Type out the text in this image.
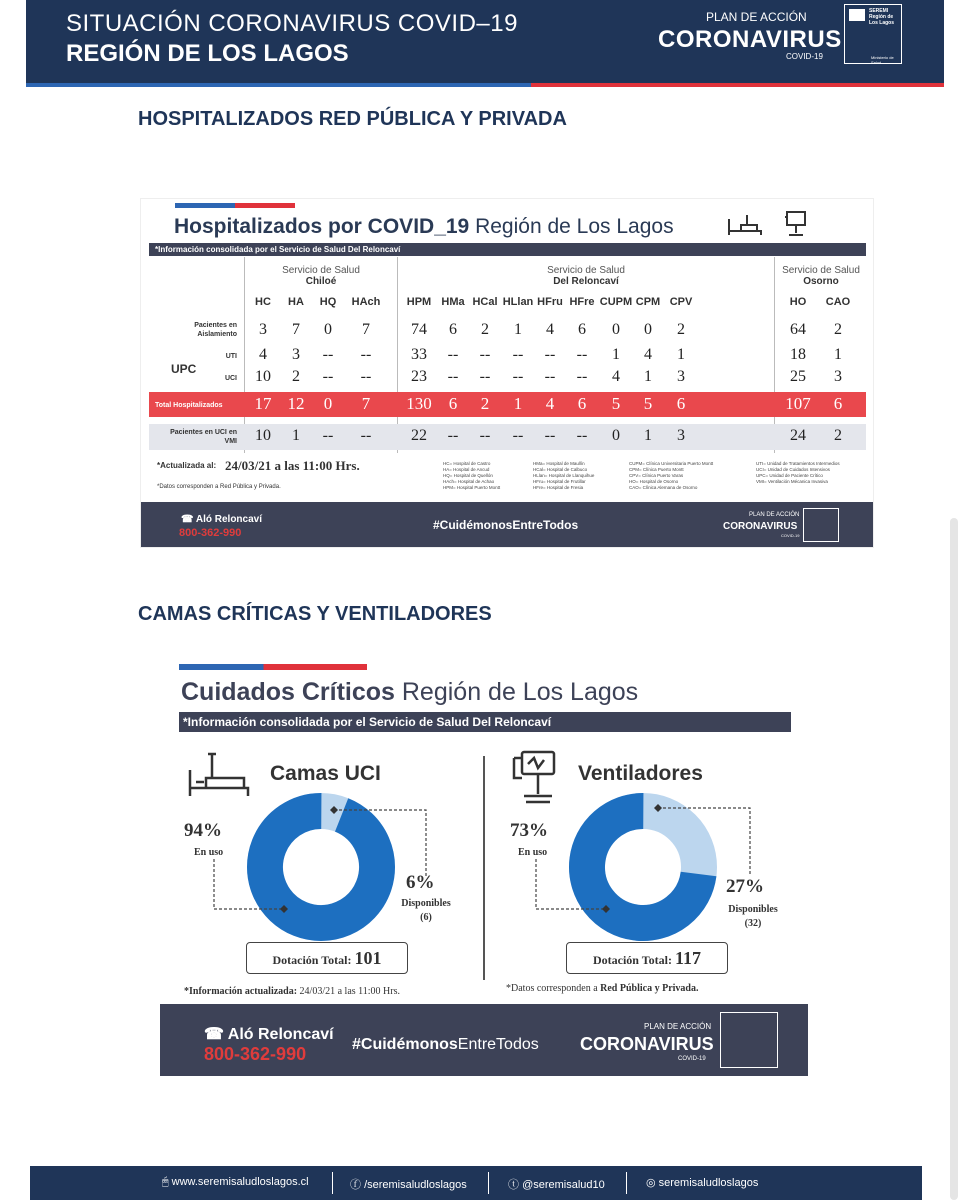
SITUACIÓN CORONAVIRUS COVID–19
REGIÓN DE LOS LAGOS
PLAN DE ACCIÓN
CORONAVIRUS
COVID-19
SEREMI Región de Los Lagos
Ministerio de Salud
HOSPITALIZADOS RED PÚBLICA Y PRIVADA
Hospitalizados por COVID_19 Región de Los Lagos
*Información consolidada por el Servicio de Salud Del Reloncaví
Servicio de Salud
Chiloé
Servicio de Salud
Del Reloncaví
Servicio de Salud
Osorno
HC	HA	HQ	HAch	HPM HMa HCal HLlan HFru HFre CUPM CPM CPV	HO	CAO
Pacientes en Aislamiento
UPC
UTI
UCI
Total Hospitalizados
Pacientes en UCI en VMI
3	7	0	7	74	6	2	1	4	6	0	0	2	64	2
4	3	--	--	33	--	--	--	--	--	1	4	1	18	1
10	2	--	--	23	--	--	--	--	--	4	1	3	25	3
17 12	0	7	130	6	2	1	4	6	5	5	6	107	6
10	1	--	--	22	--	--	--	--	--	0	1	3	24	2
*Actualizada al: 24/03/21 a las 11:00 Hrs.
*Datos corresponden a Red Pública y Privada.
HC= Hospital de Castro
HA= Hospital de Ancud
HQ= Hospital de Quellón
HAch= Hospital de Achao
HPM= Hospital Puerto Montt
HMa= Hospital de Maullín
HCal= Hospital de Calbuco
HLlan= Hospital de Llanquihue
HFru= Hospital de Frutillar
HFre= Hospital de Fresia
CUPM= Clínica Universitaria Puerto Montt
CPM= Clínica Puerto Montt
CPV= Clínica Puerto Varas
HO= Hospital de Osorno
CAO= Clínica Alemana de Osorno
UTI= Unidad de Tratamientos Intermedios
UCI= Unidad de Cuidados Intensivos
UPC= Unidad de Paciente Crítico
VMI= Ventilación Mécanica Invasiva
☎ Aló Reloncaví
800-362-990
#CuidémonosEntreTodos
PLAN DE ACCIÓN
CORONAVIRUS
COVID-19
CAMAS CRÍTICAS Y VENTILADORES
Cuidados Críticos Región de Los Lagos
*Información consolidada por el Servicio de Salud Del Reloncaví
Camas UCI
94%
En uso
6%
Disponibles
(6)
Dotación Total: 101
Ventiladores
73%
En uso
27%
Disponibles
(32)
Dotación Total: 117
*Información actualizada: 24/03/21 a las 11:00 Hrs.	*Datos corresponden a Red Pública y Privada.
☎ Aló Reloncaví
800-362-990	#CuidémonosEntreTodos
PLAN DE ACCIÓN
CORONAVIRUS
COVID-19
🖱 www.seremisaludloslagos.cl	ⓕ /seremisaludloslagos	ⓣ @seremisalud10	◎ seremisaludloslagos
